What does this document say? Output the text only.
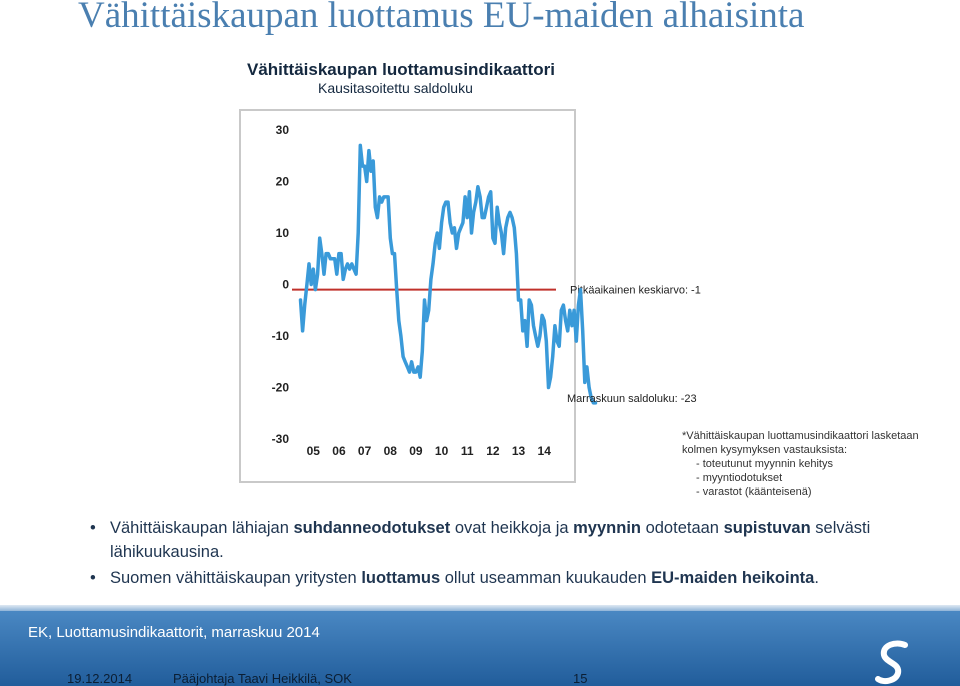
Vähittäiskaupan luottamus EU-maiden alhaisinta
Vähittäiskaupan luottamusindikaattori
Kausitasoitettu saldoluku
30
20
10
0
-10
-20
-30
05 06 07 08 09 10 11 12 13 14
Pitkäaikainen keskiarvo: -1
Marraskuun saldoluku: -23
*Vähittäiskaupan luottamusindikaattori lasketaan
kolmen kysymyksen vastauksista:
- toteutunut myynnin kehitys
- myyntiodotukset
- varastot (käänteisenä)

• Vähittäiskaupan lähiajan suhdanneodotukset ovat heikkoja ja myynnin odotetaan supistuvan selvästi lähikuukausina.

• Suomen vähittäiskaupan yritysten luottamus ollut useamman kuukauden EU-maiden heikointa.

EK, Luottamusindikaattorit, marraskuu 2014
19.12.2014	Pääjohtaja Taavi Heikkilä, SOK	15
